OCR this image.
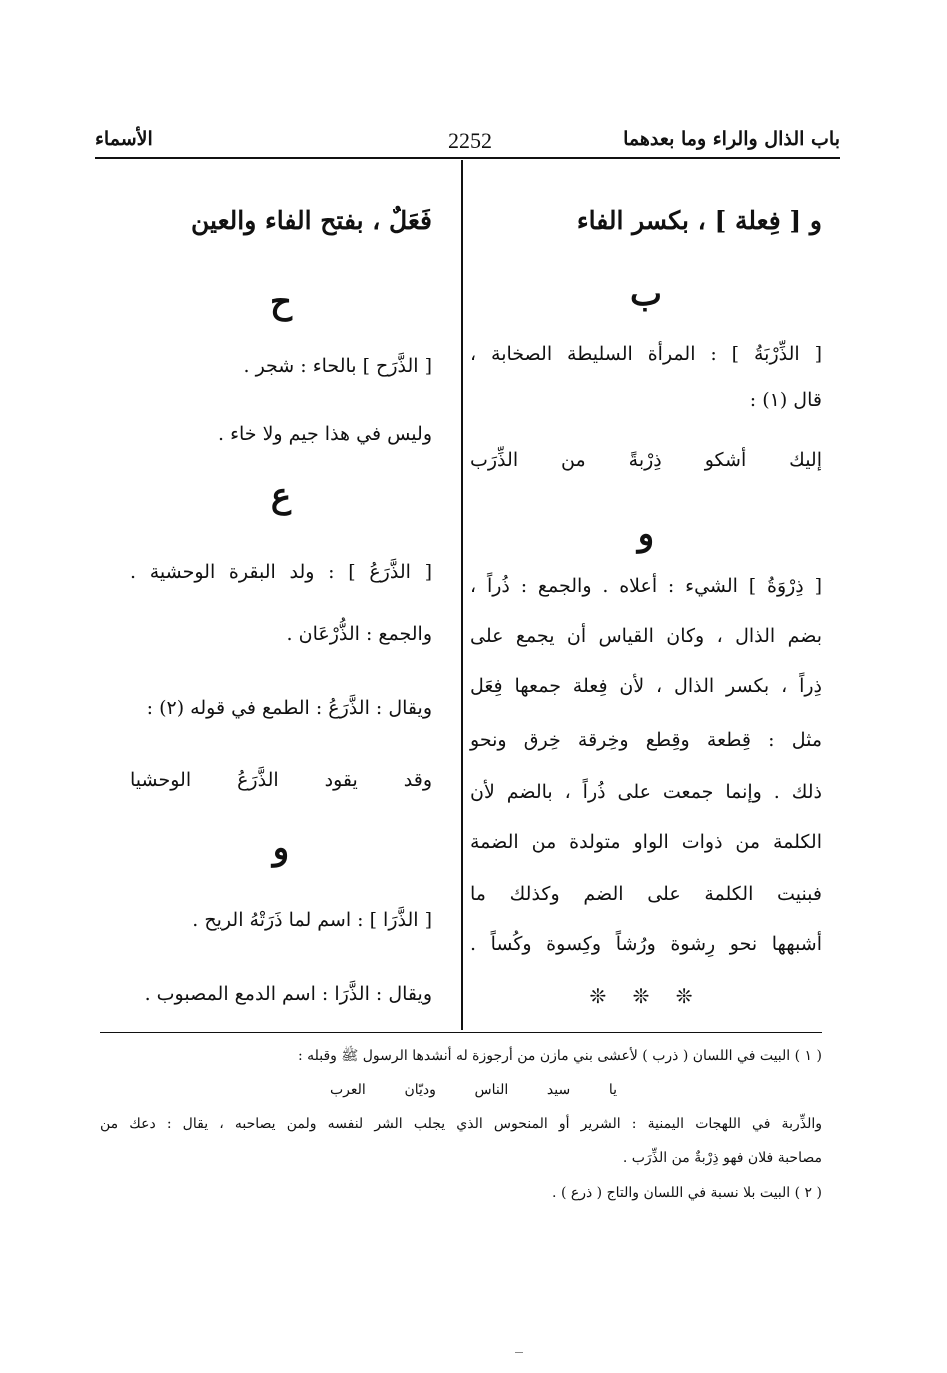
باب الذال والراء وما بعدهما
2252
الأسماء
و [ فِعلة ] ، بكسر الفاء
ب
[ الذِّرْبَةُ ] : المرأة السليطة الصخابة ،
قال (١) :
إليك أشكو ذِرْبةً من الذِّرَب
و
[ ذِرْوَةُ ] الشيء : أعلاه . والجمع : ذُراً ،
بضم الذال ، وكان القياس أن يجمع على
ذِراً ، بكسر الذال ، لأن فِعلة جمعها فِعَل
مثل : قِطعة وقِطع وخِرقة خِرق ونحو
ذلك . وإنما جمعت على ذُراً ، بالضم لأن
الكلمة من ذوات الواو متولدة من الضمة
فبنيت الكلمة على الضم وكذلك ما
أشبهها نحو رِشوة ورُشاً وكِسوة وكُساً .
❊ ❊ ❊
فَعَلٌ ، بفتح الفاء والعين
ح
[ الذَّرَح ] بالحاء : شجر .
وليس في هذا جيم ولا خاء .
ع
[ الذَّرَعُ ] : ولد البقرة الوحشية .
والجمع : الذُّرْعَان .
ويقال : الذَّرَعُ : الطمع في قوله (٢) :
وقد يقود الذَّرَعُ الوحشيا
و
[ الذَّرَا ] : اسم لما ذَرَتْهُ الريح .
ويقال : الذَّرَا : اسم الدمع المصبوب .
( ١ ) البيت في اللسان ( ذرب ) لأعشى بني مازن من أرجوزة له أنشدها الرسول ﷺ وقبله :
يا سيد الناس وديّان العرب
والذِّربة في اللهجات اليمنية : الشرير أو المنحوس الذي يجلب الشر لنفسه ولمن يصاحبه ، يقال : دعك من
مصاحبة فلان فهو ذِرْبةٌ من الذِّرَب .
( ٢ ) البيت بلا نسبة في اللسان والتاج ( ذرع ) .
